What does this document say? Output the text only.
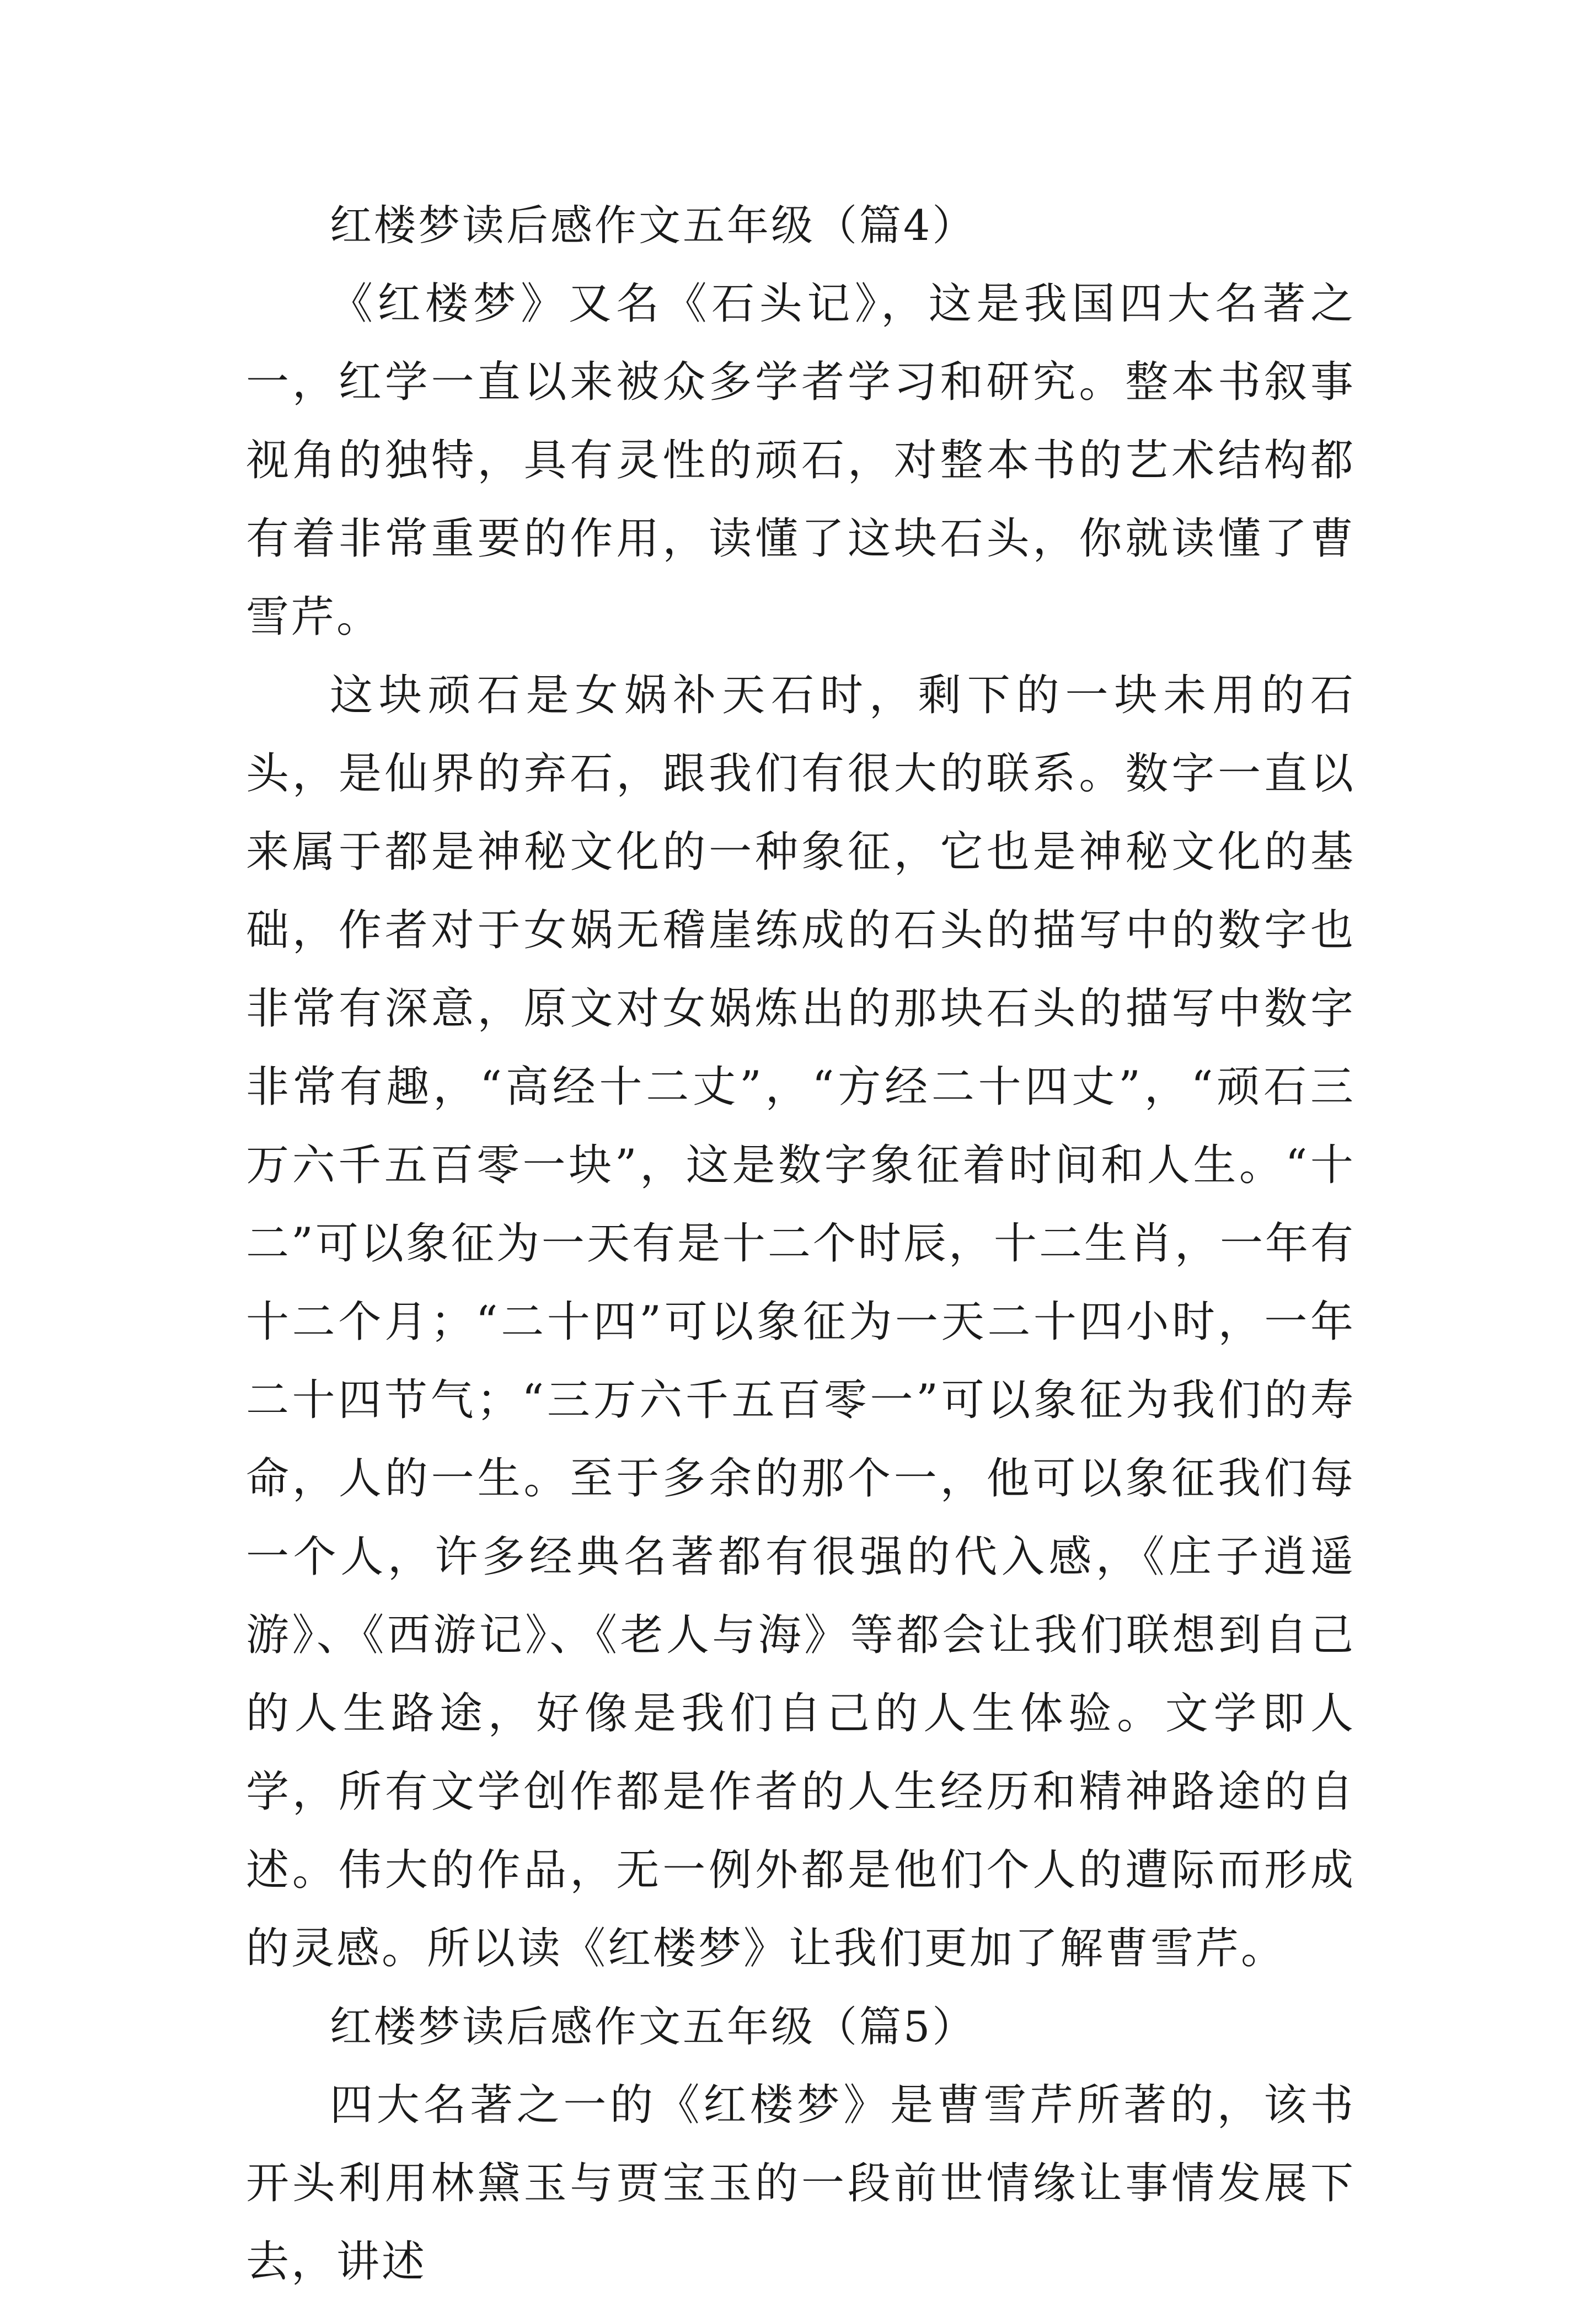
红楼梦读后感作文五年级（篇4）

《红楼梦》又名《石头记》，这是我国四大名著之一，红学一直以来被众多学者学习和研究。整本书叙事视角的独特，具有灵性的顽石，对整本书的艺术结构都有着非常重要的作用，读懂了这块石头，你就读懂了曹雪芹。

这块顽石是女娲补天石时，剩下的一块未用的石头，是仙界的弃石，跟我们有很大的联系。数字一直以来属于都是神秘文化的一种象征，它也是神秘文化的基础，作者对于女娲无稽崖练成的石头的描写中的数字也非常有深意，原文对女娲炼出的那块石头的描写中数字非常有趣，“高经十二丈”，“方经二十四丈”，“顽石三万六千五百零一块”，这是数字象征着时间和人生。“十二”可以象征为一天有是十二个时辰，十二生肖，一年有十二个月；“二十四”可以象征为一天二十四小时，一年二十四节气；“三万六千五百零一”可以象征为我们的寿命，人的一生。至于多余的那个一，他可以象征我们每一个人，许多经典名著都有很强的代入感，《庄子逍遥游》、《西游记》、《老人与海》等都会让我们联想到自己的人生路途，好像是我们自己的人生体验。文学即人学，所有文学创作都是作者的人生经历和精神路途的自述。伟大的作品，无一例外都是他们个人的遭际而形成的灵感。所以读《红楼梦》让我们更加了解曹雪芹。

红楼梦读后感作文五年级（篇5）

四大名著之一的《红楼梦》是曹雪芹所著的，该书开头利用林黛玉与贾宝玉的一段前世情缘让事情发展下去，讲述
